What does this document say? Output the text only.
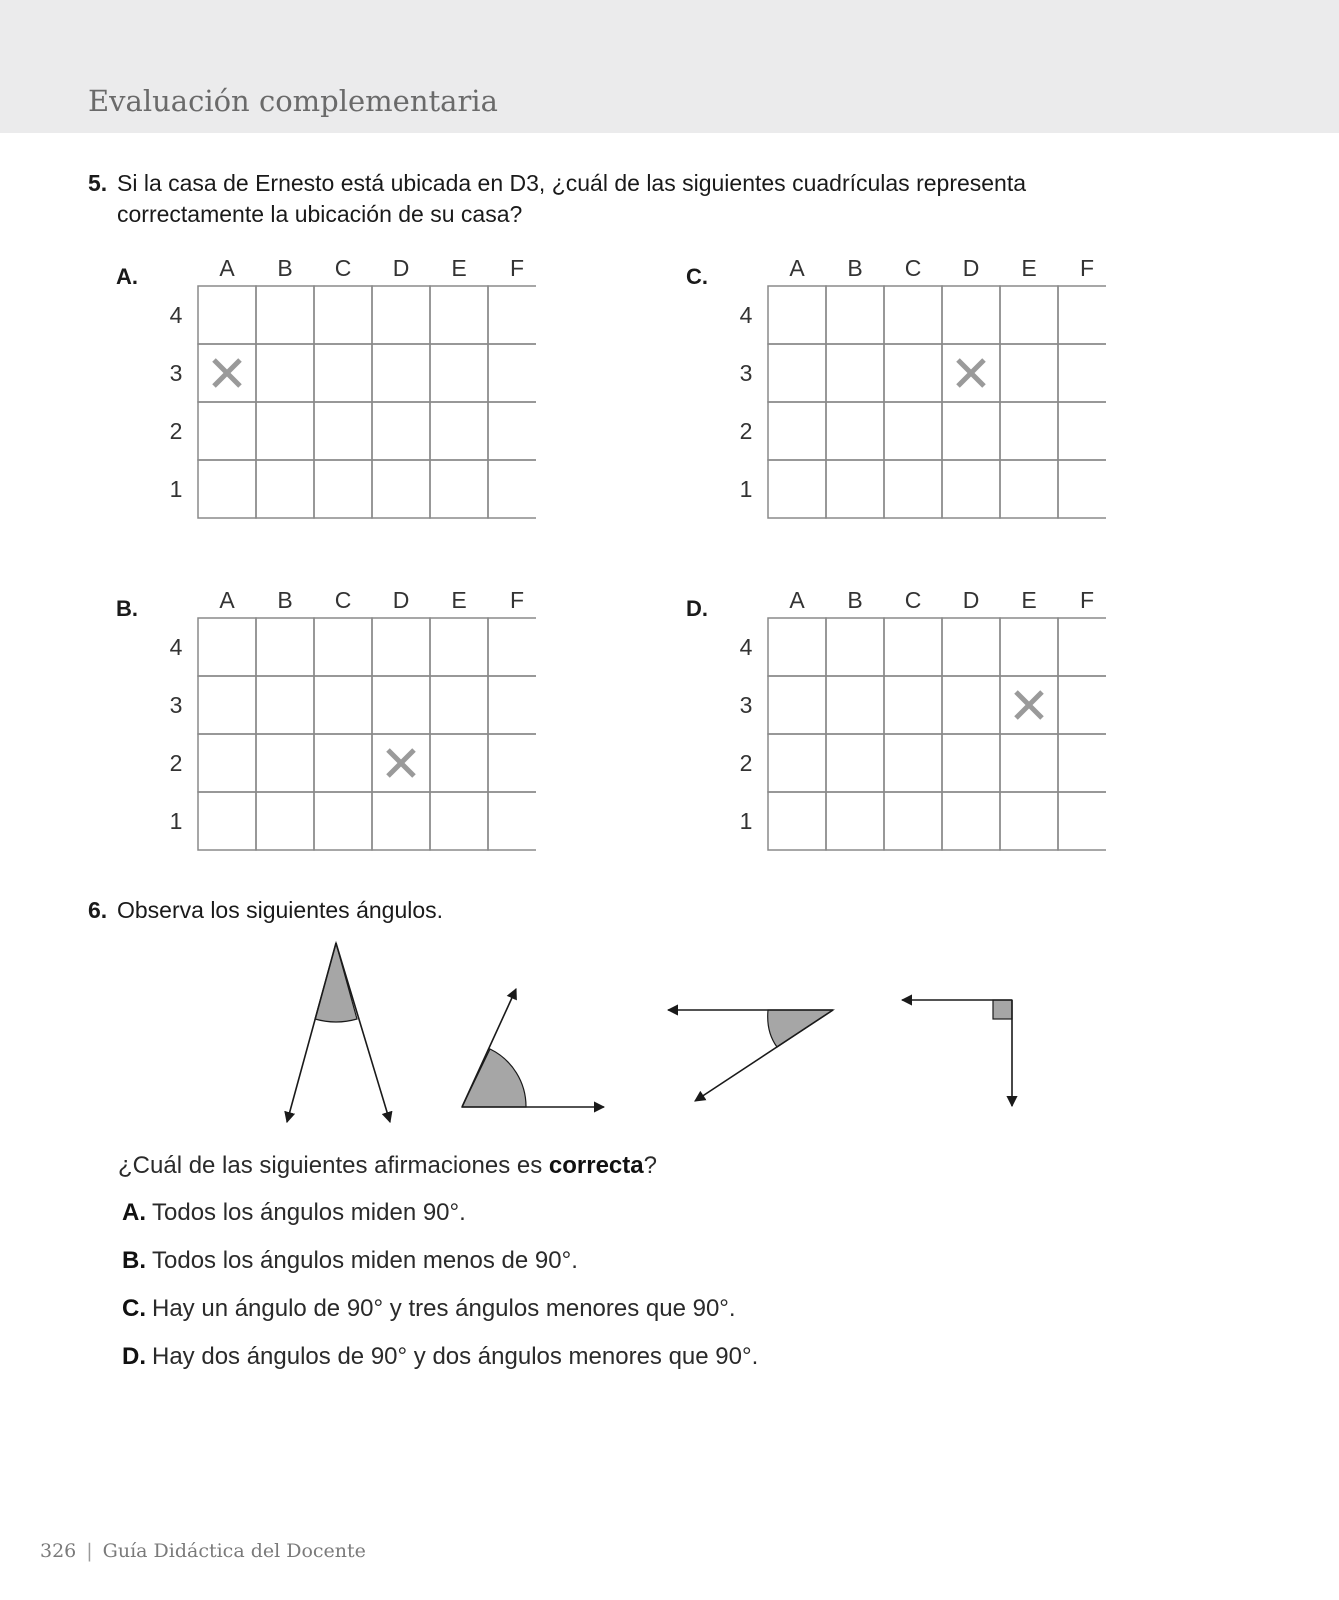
Evaluación complementaria
5. Si la casa de Ernesto está ubicada en D3, ¿cuál de las siguientes cuadrículas representa
correctamente la ubicación de su casa?
A.	A B C D E F
4
3
2
1
C.	A B C D E F
4
3
2
1
B.	A B C D E F
4
3
2
1
D.	A B C D E F
4
3
2
1
6. Observa los siguientes ángulos.
¿Cuál de las siguientes afirmaciones es correcta?
A. Todos los ángulos miden 90°.
B. Todos los ángulos miden menos de 90°.
C. Hay un ángulo de 90° y tres ángulos menores que 90°.
D. Hay dos ángulos de 90° y dos ángulos menores que 90°.
326 | Guía Didáctica del Docente
